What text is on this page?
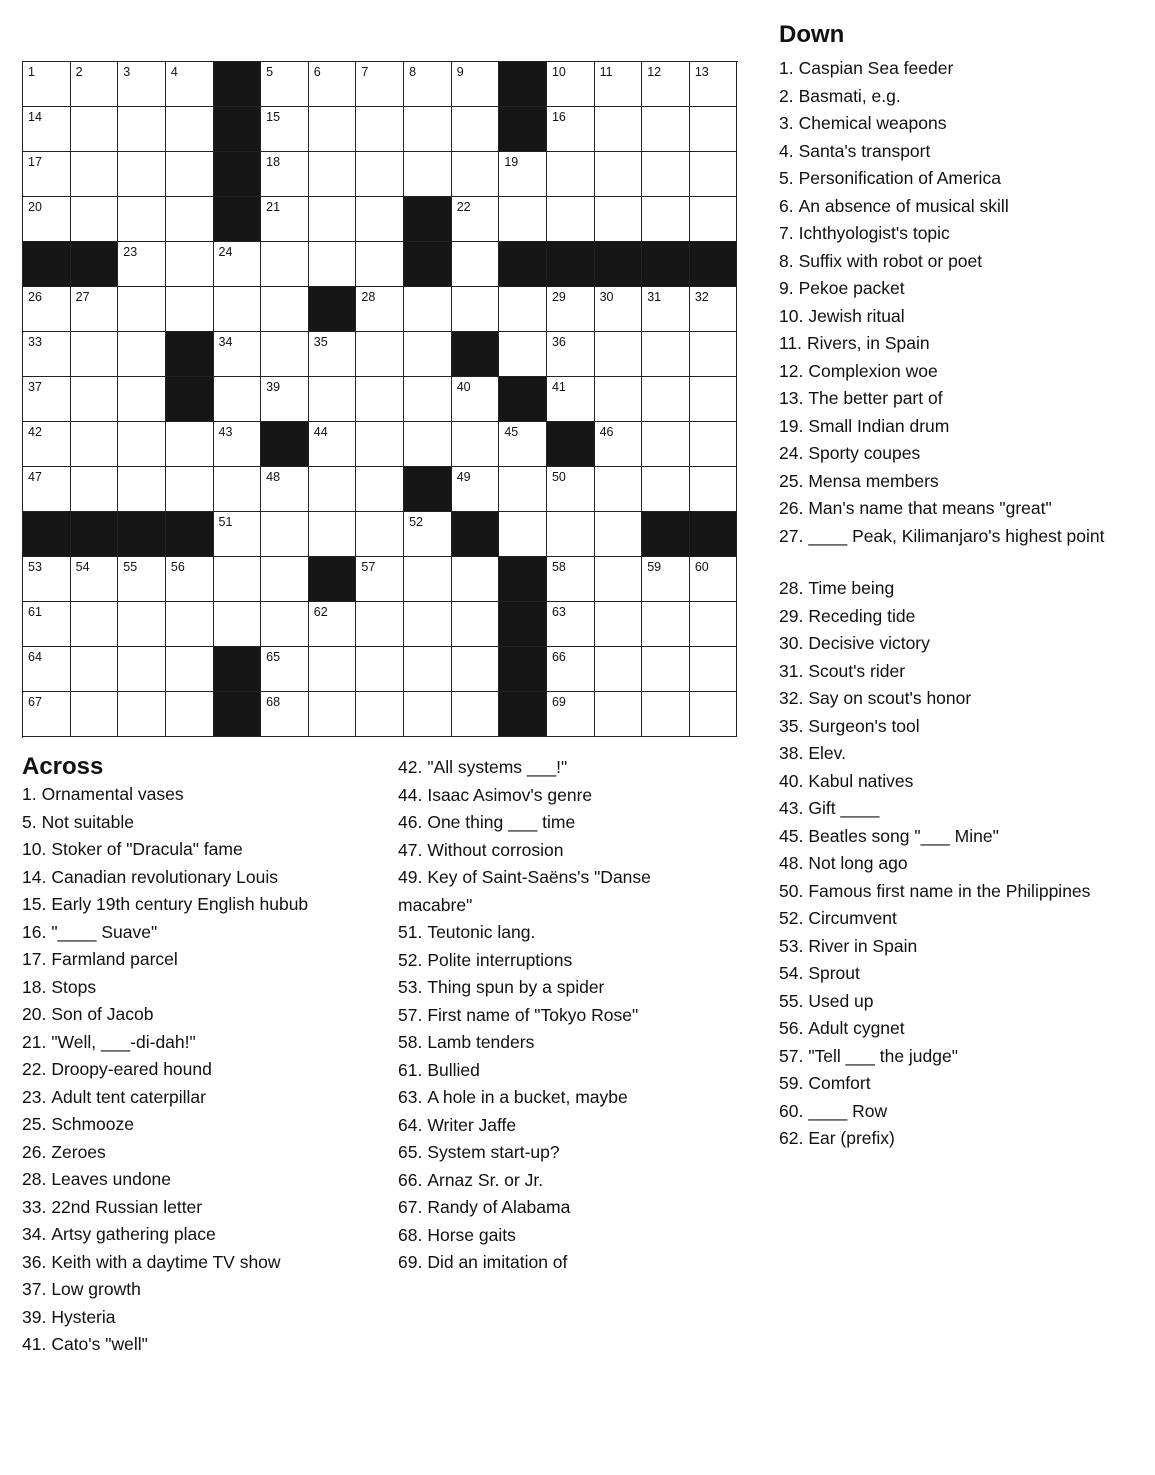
1	2	3	4	5	6	7	8	9	10	11	12	13
14	15	16
17	18	19
20	21	22
23	24
26	27	28	29	30	31	32
33	34	35	36
37	39	40	41
42	43	44	45	46
47	48	49	50
51	52
53	54	55	56	57	58	59	60
61	62	63
64	65	66
67	68	69
Across
Down
1. Ornamental vases
5. Not suitable
10. Stoker of "Dracula" fame
14. Canadian revolutionary Louis
15. Early 19th century English hubub
16. "____ Suave"
17. Farmland parcel
18. Stops
20. Son of Jacob
21. "Well, ___-di-dah!"
22. Droopy-eared hound
23. Adult tent caterpillar
25. Schmooze
26. Zeroes
28. Leaves undone
33. 22nd Russian letter
34. Artsy gathering place
36. Keith with a daytime TV show
37. Low growth
39. Hysteria
41. Cato's "well"
42. "All systems ___!"
44. Isaac Asimov's genre
46. One thing ___ time
47. Without corrosion
49. Key of Saint-Saëns's "Danse macabre"
51. Teutonic lang.
52. Polite interruptions
53. Thing spun by a spider
57. First name of "Tokyo Rose"
58. Lamb tenders
61. Bullied
63. A hole in a bucket, maybe
64. Writer Jaffe
65. System start-up?
66. Arnaz Sr. or Jr.
67. Randy of Alabama
68. Horse gaits
69. Did an imitation of
1. Caspian Sea feeder
2. Basmati, e.g.
3. Chemical weapons
4. Santa's transport
5. Personification of America
6. An absence of musical skill
7. Ichthyologist's topic
8. Suffix with robot or poet
9. Pekoe packet
10. Jewish ritual
11. Rivers, in Spain
12. Complexion woe
13. The better part of
19. Small Indian drum
24. Sporty coupes
25. Mensa members
26. Man's name that means "great"
27. ____ Peak, Kilimanjaro's highest point
28. Time being
29. Receding tide
30. Decisive victory
31. Scout's rider
32. Say on scout's honor
35. Surgeon's tool
38. Elev.
40. Kabul natives
43. Gift ____
45. Beatles song "___ Mine"
48. Not long ago
50. Famous first name in the Philippines
52. Circumvent
53. River in Spain
54. Sprout
55. Used up
56. Adult cygnet
57. "Tell ___ the judge"
59. Comfort
60. ____ Row
62. Ear (prefix)
